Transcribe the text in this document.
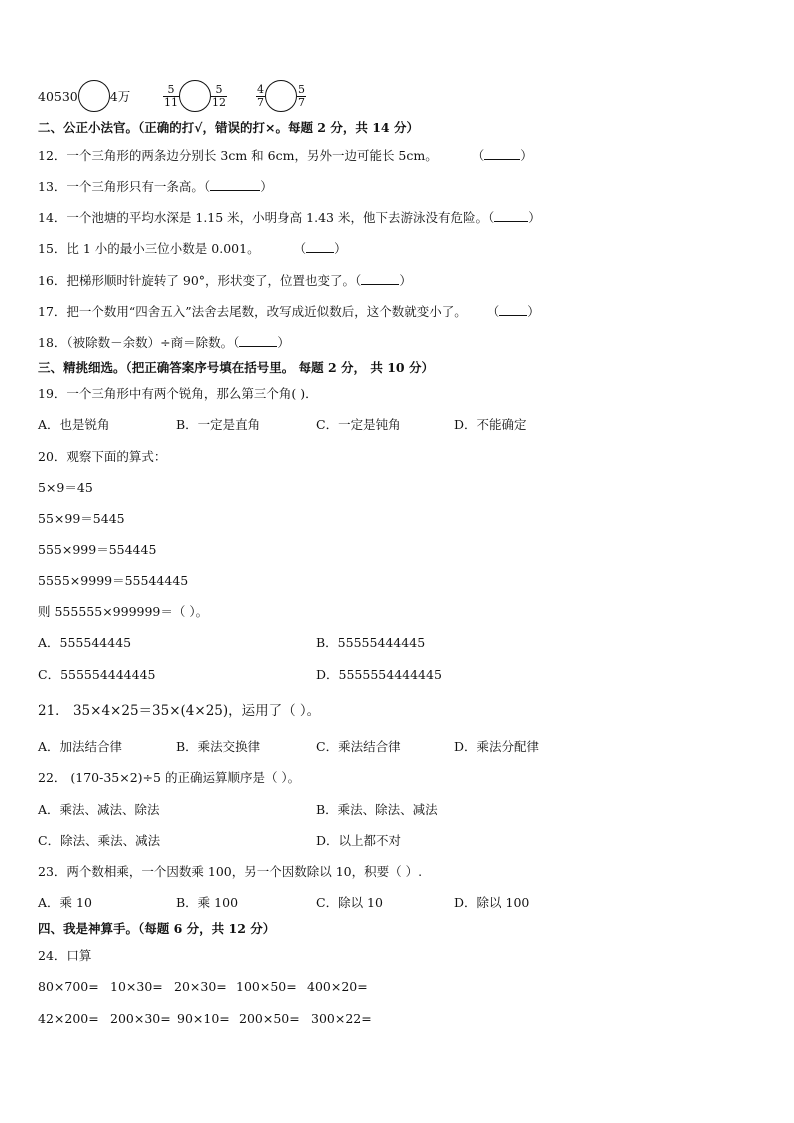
40530	4万	$\frac{5}{11}$	$\frac{5}{12}$	$\frac{4}{7}$	$\frac{5}{7}$
二、公正小法官。（正确的打√，错误的打×。每题 2 分，共 14 分）
12．一个三角形的两条边分别长 3cm 和 6cm，另外一边可能长 5cm。	（	）
13．一个三角形只有一条高。（	）
14．一个池塘的平均水深是 1.15 米，小明身高 1.43 米，他下去游泳没有危险。（	）
15．比 1 小的最小三位小数是 0.001。	（ ）
16．把梯形顺时针旋转了 90°，形状变了，位置也变了。（	）
17．把一个数用“四舍五入”法舍去尾数，改写成近似数后，这个数就变小了。 （ ）
18．（被除数－余数）÷商＝除数。（	）
三、精挑细选。（把正确答案序号填在括号里。 每题 2 分， 共 10 分）
19．一个三角形中有两个锐角，那么第三个角( )．
A．也是锐角	B．一定是直角	C．一定是钝角	D．不能确定
20．观察下面的算式：
5×9＝45
55×99＝5445
555×999＝554445
5555×9999＝55544445
则 555555×999999＝（ ）。
A．555544445	B．55555444445
C．555554444445	D．5555554444445
21． 35×4×25＝35×(4×25)，运用了（ ）。
A．加法结合律	B．乘法交换律	C．乘法结合律	D．乘法分配律
22． (170-35×2)÷5 的正确运算顺序是（ ）。
A．乘法、减法、除法	B．乘法、除法、减法
C．除法、乘法、减法	D．以上都不对
23．两个数相乘，一个因数乘 100，另一个因数除以 10，积要（ ）.
A．乘 10	B．乘 100	C．除以 10	D．除以 100
四、我是神算手。（每题 6 分，共 12 分）
24．口算
80×700= 10×30= 20×30= 100×50= 400×20=
42×200= 200×30= 90×10= 200×50= 300×22=
